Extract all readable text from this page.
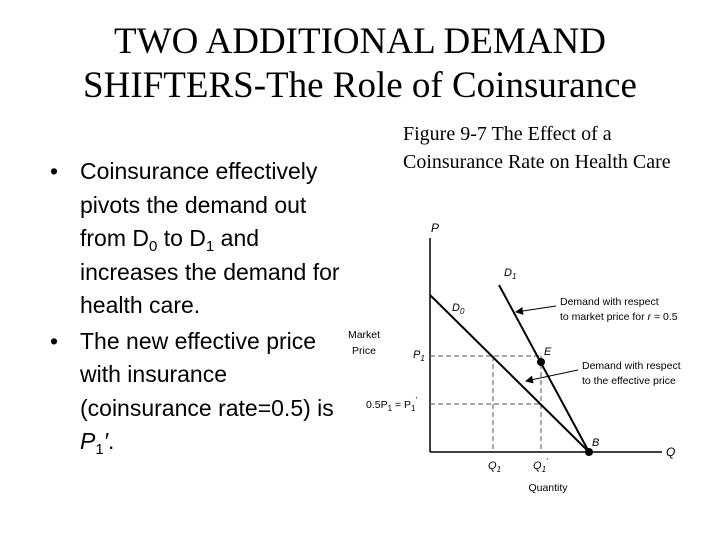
TWO ADDITIONAL DEMAND
SHIFTERS-The Role of Coinsurance
• Coinsurance effectively pivots the demand out from $D_0$ to $D_1$ and increases the demand for health care.
• The new effective price with insurance (coinsurance rate=0.5) is $P_1'$.
Figure 9-7 The Effect of a Coinsurance Rate on Health Care
P
Q
Market
Price
Quantity
$D_1$
$D_0$
$P_1$
$0.5P_1 = P_1'$
$Q_1$	$Q_1'$
E
B
Demand with respect
to market price for r = 0.5
Demand with respect
to the effective price
